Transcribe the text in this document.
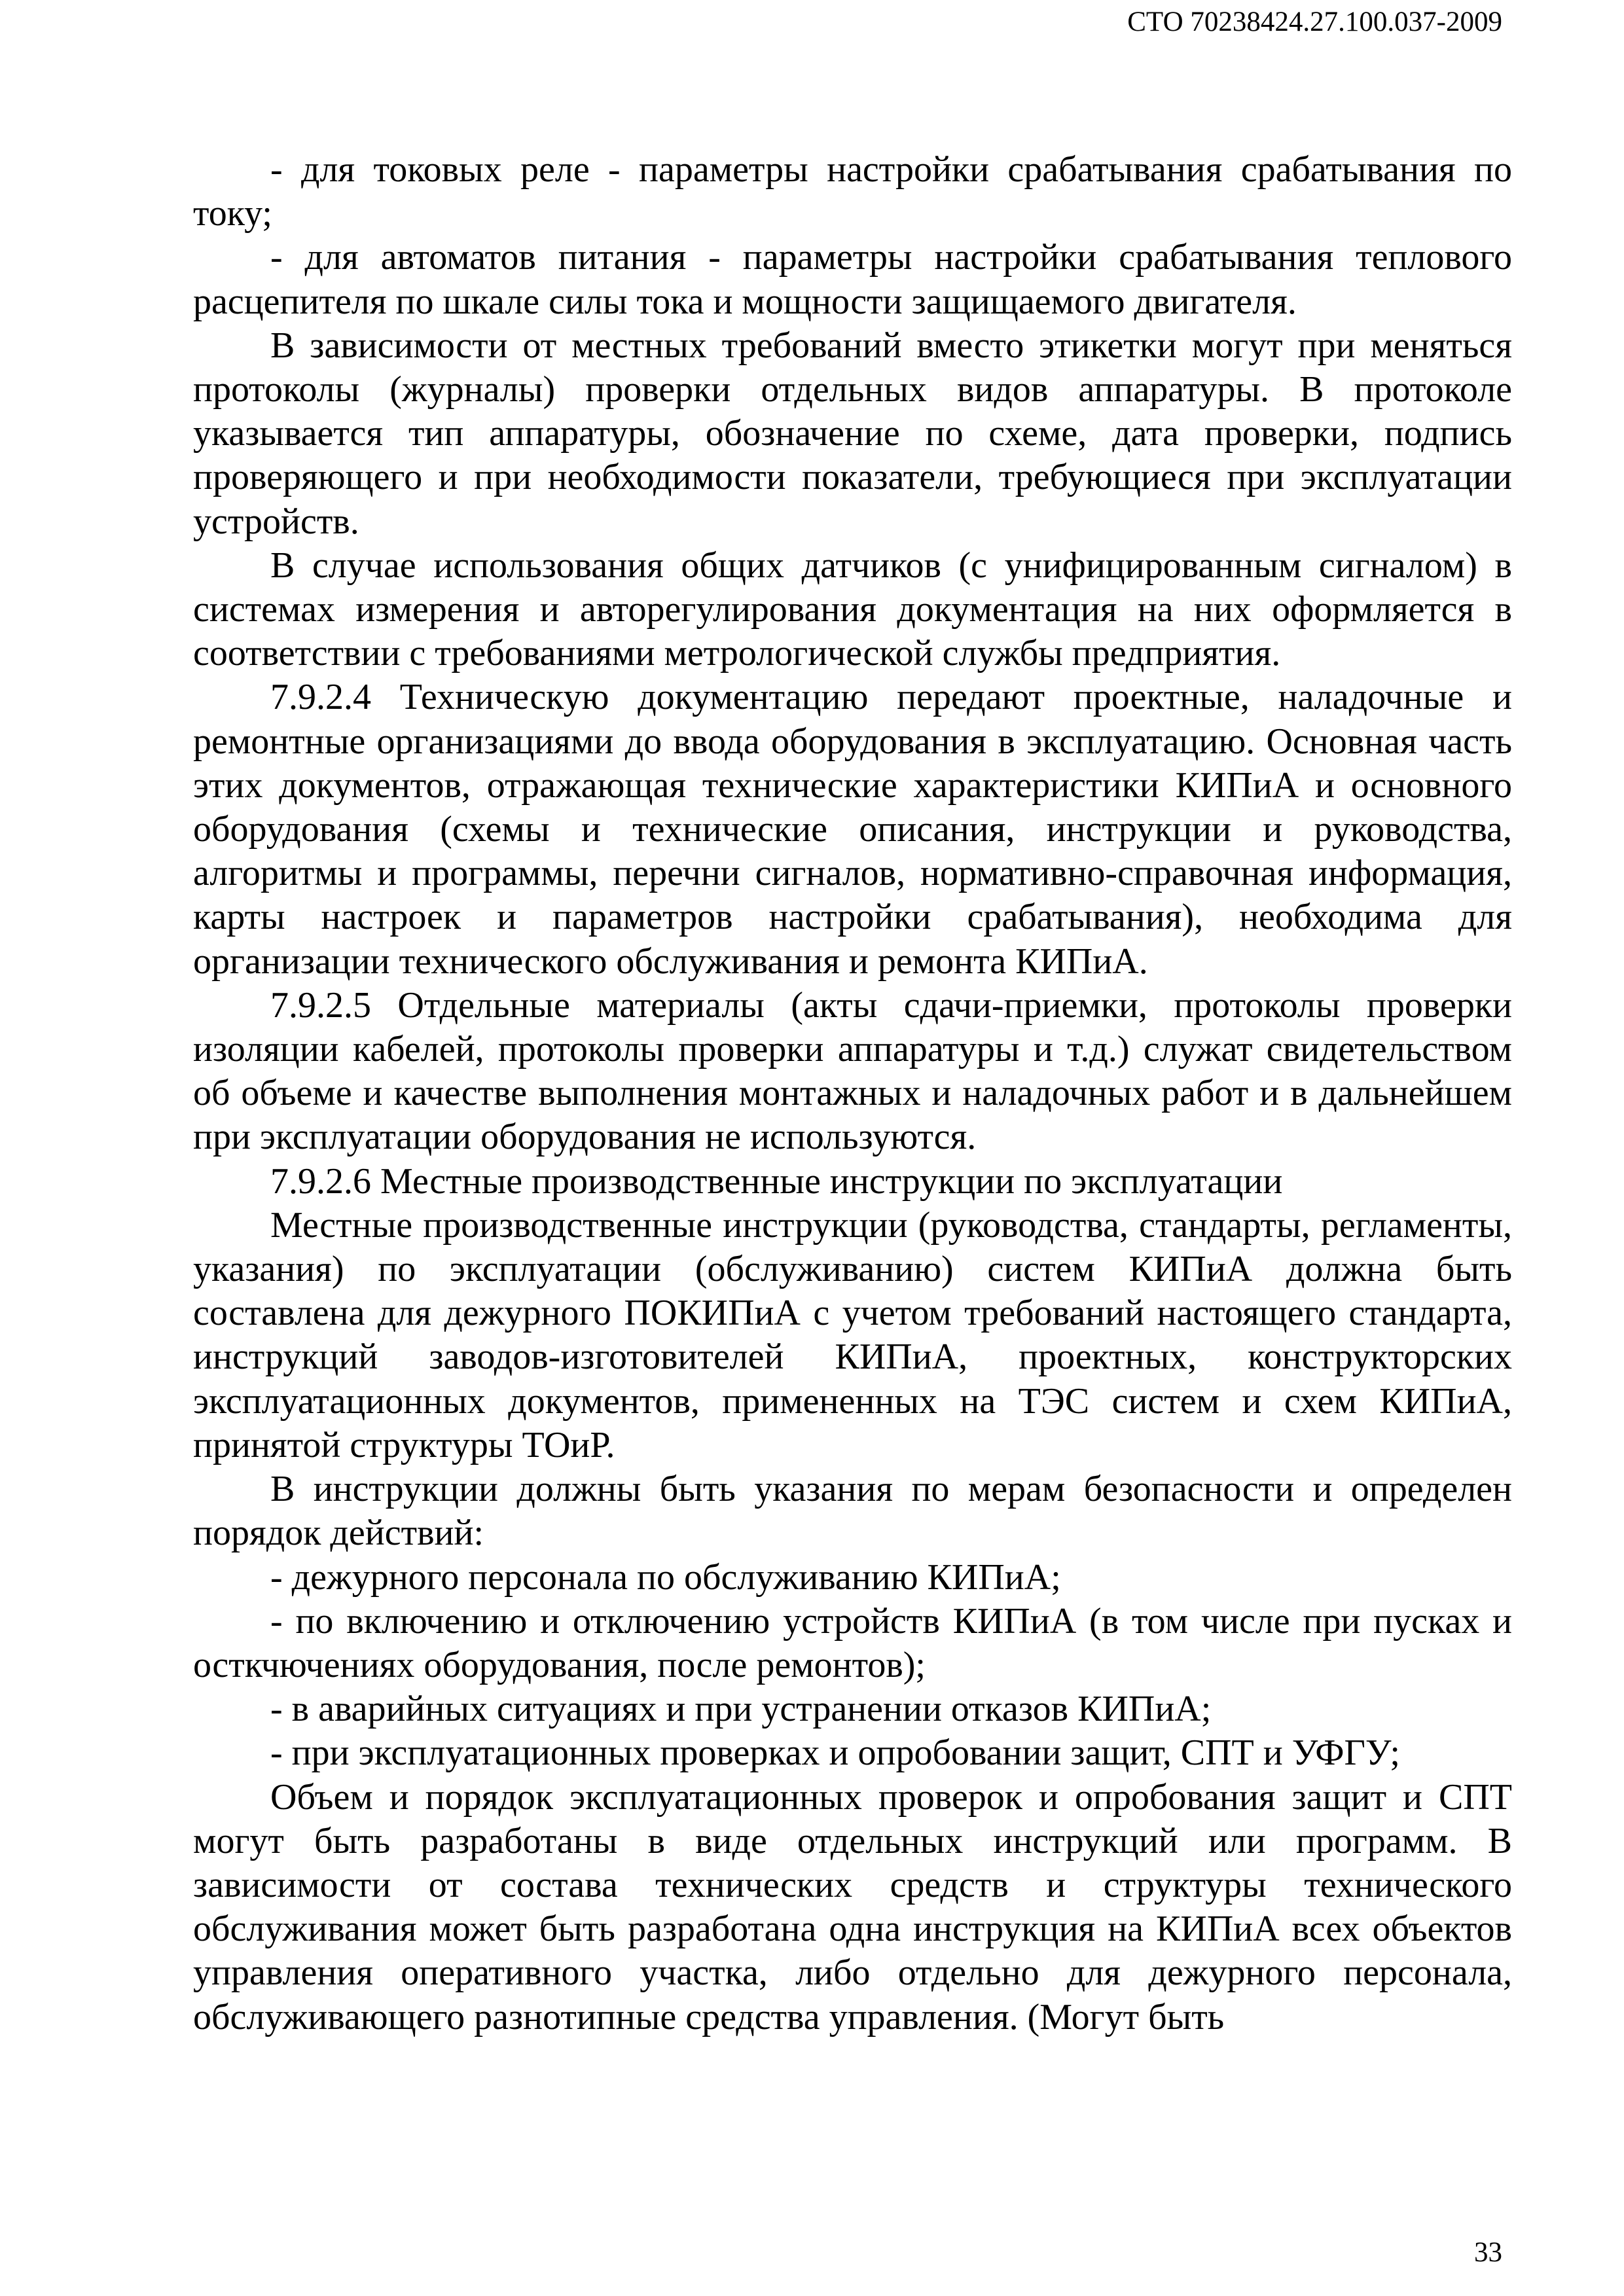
СТО 70238424.27.100.037-2009

- для токовых реле - параметры настройки срабатывания срабатывания по току;

- для автоматов питания - параметры настройки срабатывания теплового расцепителя по шкале силы тока и мощности защищаемого двигателя.

В зависимости от местных требований вместо этикетки могут при меняться протоколы (журналы) проверки отдельных видов аппаратуры. В протоколе указывается тип аппаратуры, обозначение по схеме, дата проверки, подпись проверяющего и при необходимости показатели, требующиеся при эксплуатации устройств.

В случае использования общих датчиков (с унифицированным сигналом) в системах измерения и авторегулирования документация на них оформляется в соответствии с требованиями метрологической службы предприятия.

7.9.2.4 Техническую документацию передают проектные, наладочные и ремонтные организациями до ввода оборудования в эксплуатацию. Основная часть этих документов, отражающая технические характеристики КИПиА и основного оборудования (схемы и технические описания, инструкции и руководства, алгоритмы и программы, перечни сигналов, нормативно-справочная информация, карты настроек и параметров настройки срабатывания), необходима для организации технического обслуживания и ремонта КИПиА.

7.9.2.5 Отдельные материалы (акты сдачи-приемки, протоколы проверки изоляции кабелей, протоколы проверки аппаратуры и т.д.) служат свидетельством об объеме и качестве выполнения монтажных и наладочных работ и в дальнейшем при эксплуатации оборудования не используются.

7.9.2.6 Местные производственные инструкции по эксплуатации

Местные производственные инструкции (руководства, стандарты, регламенты, указания) по эксплуатации (обслуживанию) систем КИПиА должна быть составлена для дежурного ПОКИПиА с учетом требований настоящего стандарта, инструкций заводов-изготовителей КИПиА, проектных, конструкторских эксплуатационных документов, примененных на ТЭС систем и схем КИПиА, принятой структуры ТОиР.

В инструкции должны быть указания по мерам безопасности и определен порядок действий:

- дежурного персонала по обслуживанию КИПиА;

- по включению и отключению устройств КИПиА (в том числе при пусках и осткчючениях оборудования, после ремонтов);

- в аварийных ситуациях и при устранении отказов КИПиА;

- при эксплуатационных проверках и опробовании защит, СПТ и УФГУ;

Объем и порядок эксплуатационных проверок и опробования защит и СПТ могут быть разработаны в виде отдельных инструкций или программ. В зависимости от состава технических средств и структуры технического обслуживания может быть разработана одна инструкция на КИПиА всех объектов управления оперативного участка, либо отдельно для дежурного персонала, обслуживающего разнотипные средства управления. (Могут быть

33
